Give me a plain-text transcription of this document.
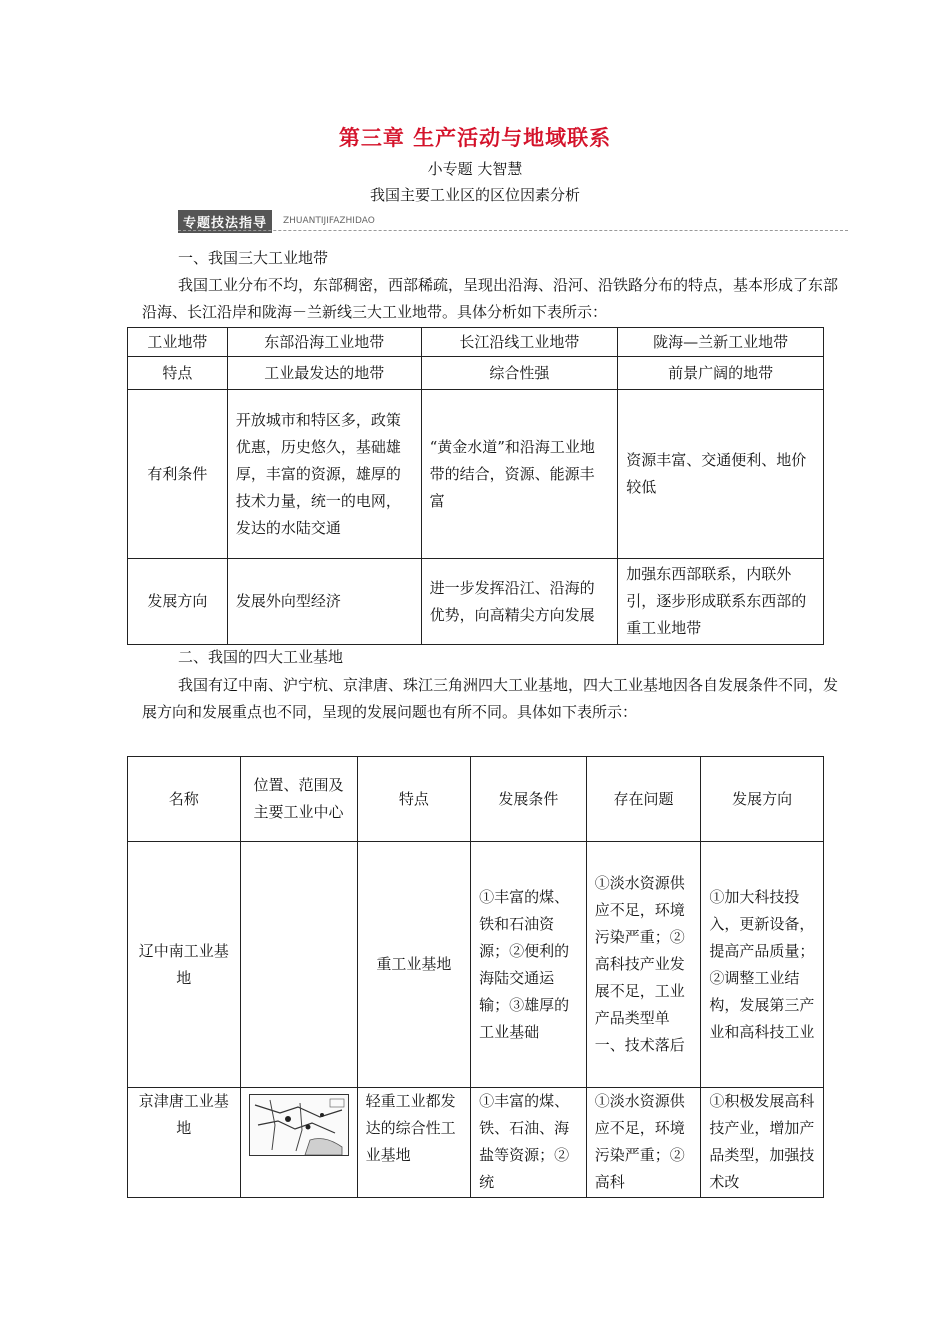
第三章 生产活动与地域联系
小专题 大智慧
我国主要工业区的区位因素分析
专题技法指导	ZHUANTIJIFAZHIDAO
一、我国三大工业地带
我国工业分布不均，东部稠密，西部稀疏，呈现出沿海、沿河、沿铁路分布的特点，基本形成了东部沿海、长江沿岸和陇海－兰新线三大工业地带。具体分析如下表所示：
工业地带	东部沿海工业地带	长江沿线工业地带	陇海—兰新工业地带
特点	工业最发达的地带	综合性强	前景广阔的地带
有利条件	开放城市和特区多，政策优惠，历史悠久，基础雄厚，丰富的资源，雄厚的技术力量，统一的电网，发达的水陆交通	“黄金水道”和沿海工业地带的结合，资源、能源丰富	资源丰富、交通便利、地价较低
发展方向	发展外向型经济	进一步发挥沿江、沿海的优势，向高精尖方向发展	加强东西部联系，内联外引，逐步形成联系东西部的重工业地带
二、我国的四大工业基地
我国有辽中南、沪宁杭、京津唐、珠江三角洲四大工业基地，四大工业基地因各自发展条件不同，发展方向和发展重点也不同，呈现的发展问题也有所不同。具体如下表所示：
名称	位置、范围及主要工业中心	特点	发展条件	存在问题	发展方向
辽中南工业基地		重工业基地	①丰富的煤、铁和石油资源；②便利的海陆交通运输；③雄厚的工业基础	①淡水资源供应不足，环境污染严重；②高科技产业发展不足，工业产品类型单一、技术落后	①加大科技投入，更新设备，提高产品质量；②调整工业结构，发展第三产业和高科技工业
京津唐工业基地		轻重工业都发达的综合性工业基地	①丰富的煤、铁、石油、海盐等资源；②统	①淡水资源供应不足，环境污染严重；②高科	①积极发展高科技产业，增加产品类型，加强技术改
